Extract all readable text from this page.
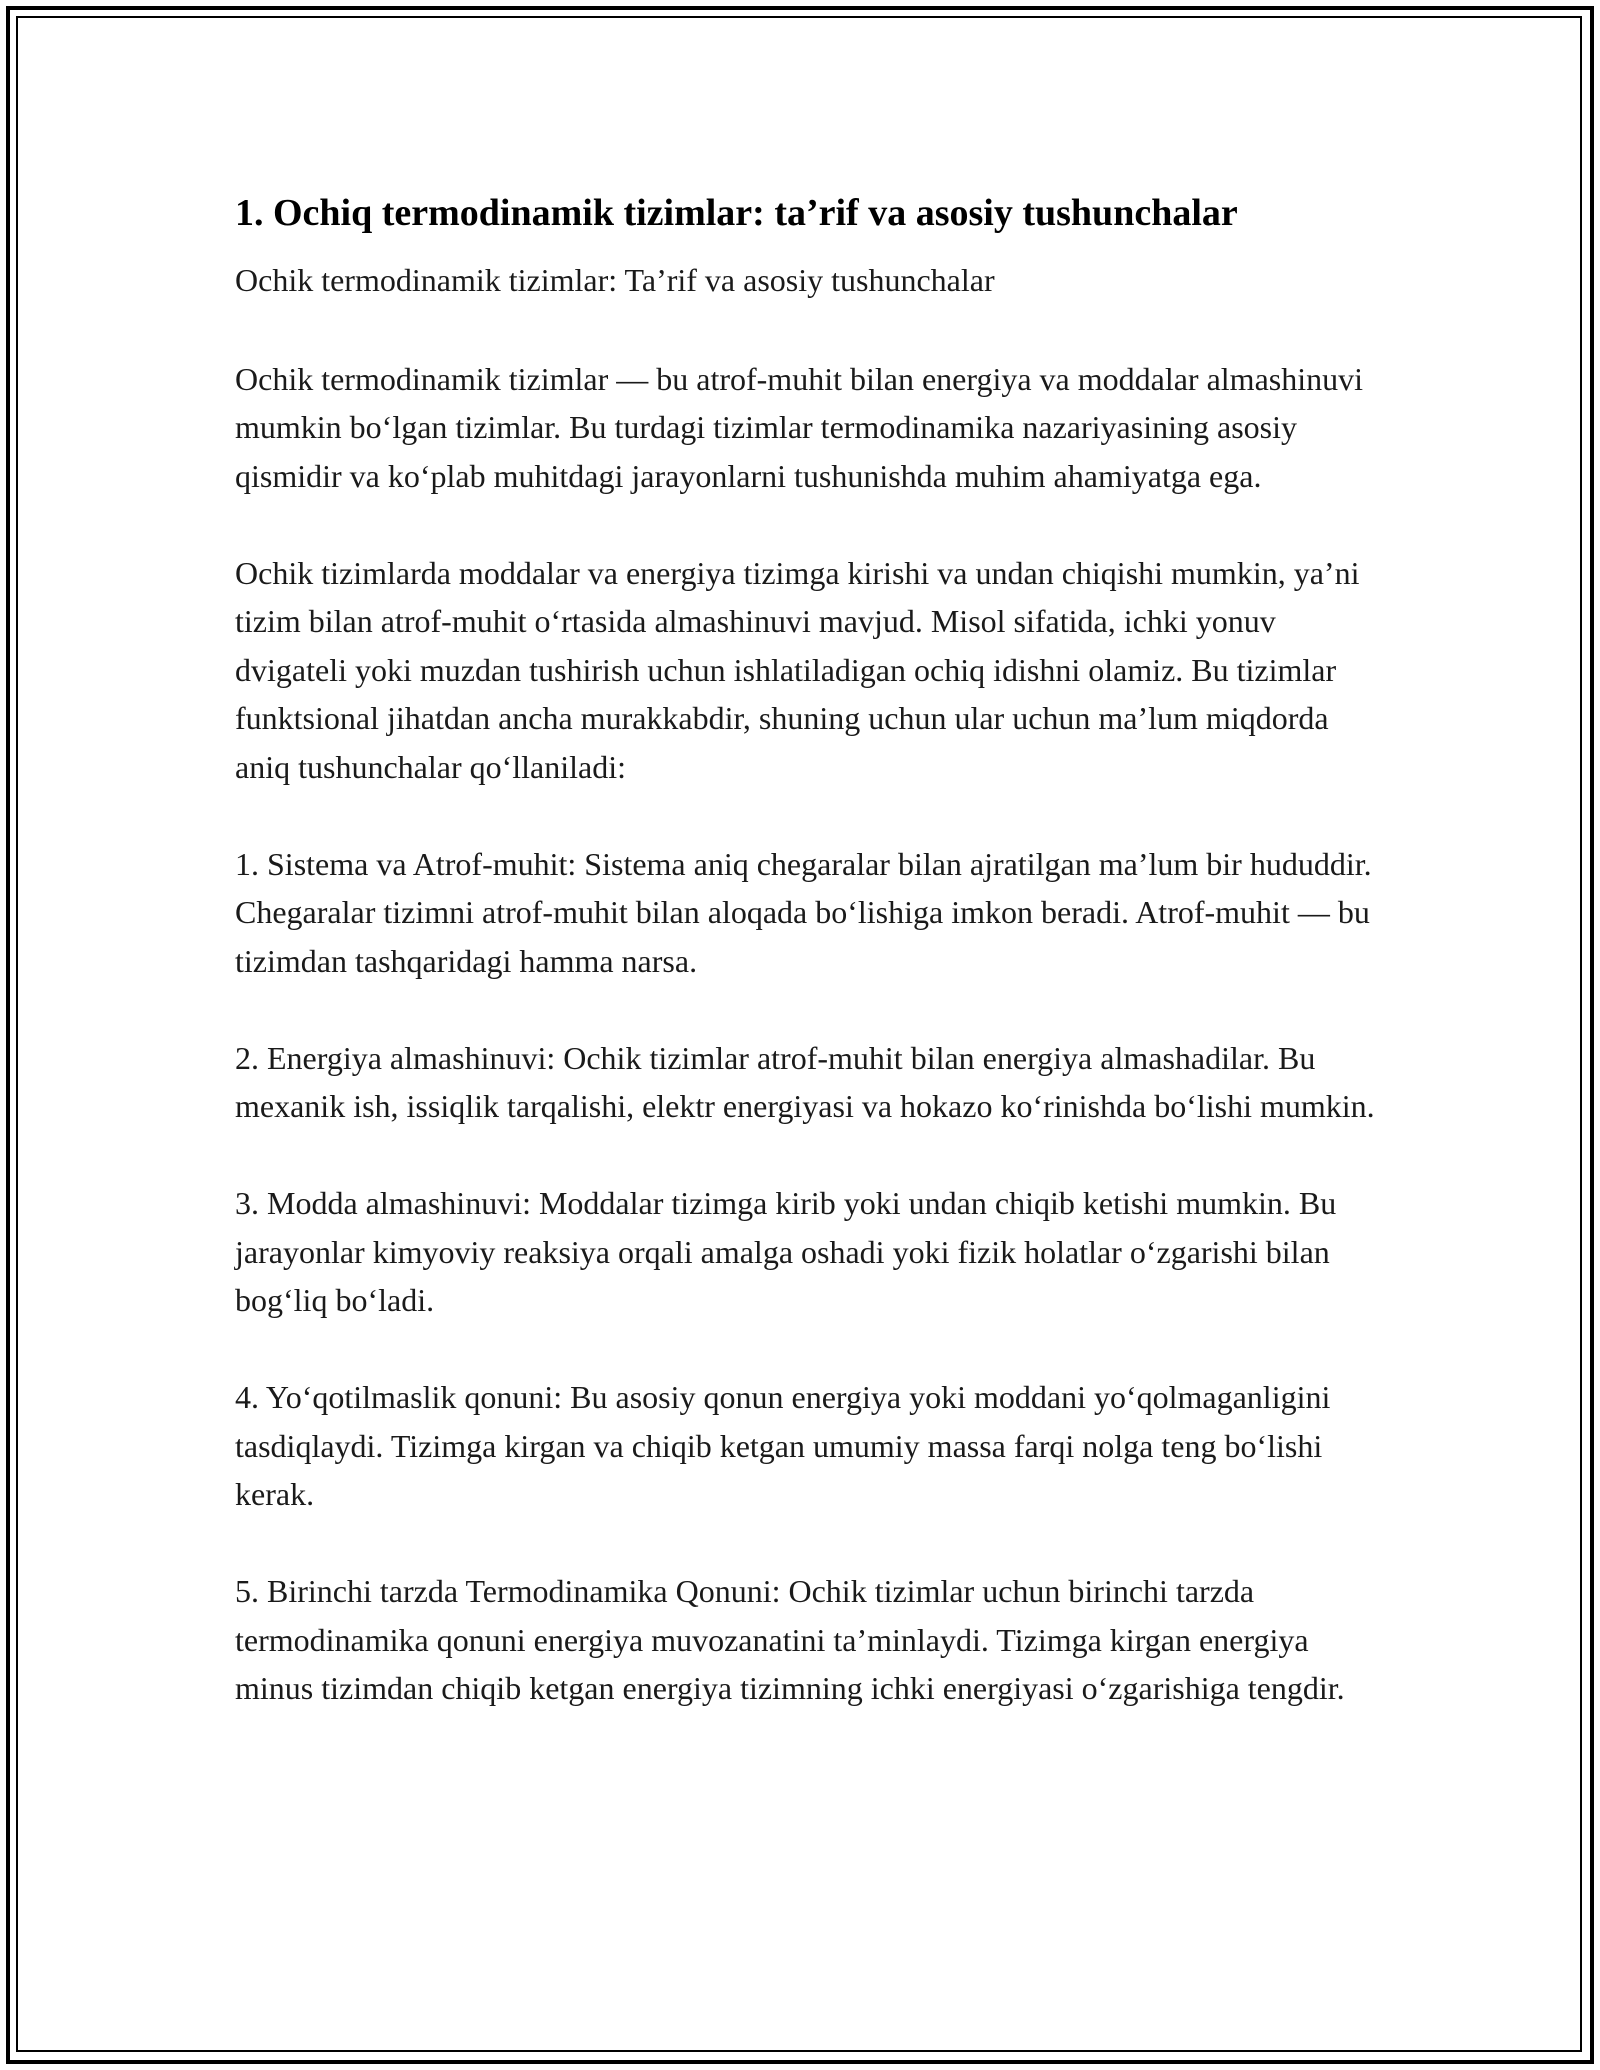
1. Ochiq termodinamik tizimlar: ta’rif va asosiy tushunchalar

Ochik termodinamik tizimlar: Ta’rif va asosiy tushunchalar

Ochik termodinamik tizimlar — bu atrof-muhit bilan energiya va moddalar almashinuvi mumkin bo‘lgan tizimlar. Bu turdagi tizimlar termodinamika nazariyasining asosiy qismidir va ko‘plab muhitdagi jarayonlarni tushunishda muhim ahamiyatga ega.

Ochik tizimlarda moddalar va energiya tizimga kirishi va undan chiqishi mumkin, ya’ni tizim bilan atrof-muhit o‘rtasida almashinuvi mavjud. Misol sifatida, ichki yonuv dvigateli yoki muzdan tushirish uchun ishlatiladigan ochiq idishni olamiz. Bu tizimlar funktsional jihatdan ancha murakkabdir, shuning uchun ular uchun ma’lum miqdorda aniq tushunchalar qo‘llaniladi:

1. Sistema va Atrof-muhit: Sistema aniq chegaralar bilan ajratilgan ma’lum bir hududdir. Chegaralar tizimni atrof-muhit bilan aloqada bo‘lishiga imkon beradi. Atrof-muhit — bu tizimdan tashqaridagi hamma narsa.

2. Energiya almashinuvi: Ochik tizimlar atrof-muhit bilan energiya almashadilar. Bu mexanik ish, issiqlik tarqalishi, elektr energiyasi va hokazo ko‘rinishda bo‘lishi mumkin.

3. Modda almashinuvi: Moddalar tizimga kirib yoki undan chiqib ketishi mumkin. Bu jarayonlar kimyoviy reaksiya orqali amalga oshadi yoki fizik holatlar o‘zgarishi bilan bog‘liq bo‘ladi.

4. Yo‘qotilmaslik qonuni: Bu asosiy qonun energiya yoki moddani yo‘qolmaganligini tasdiqlaydi. Tizimga kirgan va chiqib ketgan umumiy massa farqi nolga teng bo‘lishi kerak.

5. Birinchi tarzda Termodinamika Qonuni: Ochik tizimlar uchun birinchi tarzda termodinamika qonuni energiya muvozanatini ta’minlaydi. Tizimga kirgan energiya minus tizimdan chiqib ketgan energiya tizimning ichki energiyasi o‘zgarishiga tengdir.
